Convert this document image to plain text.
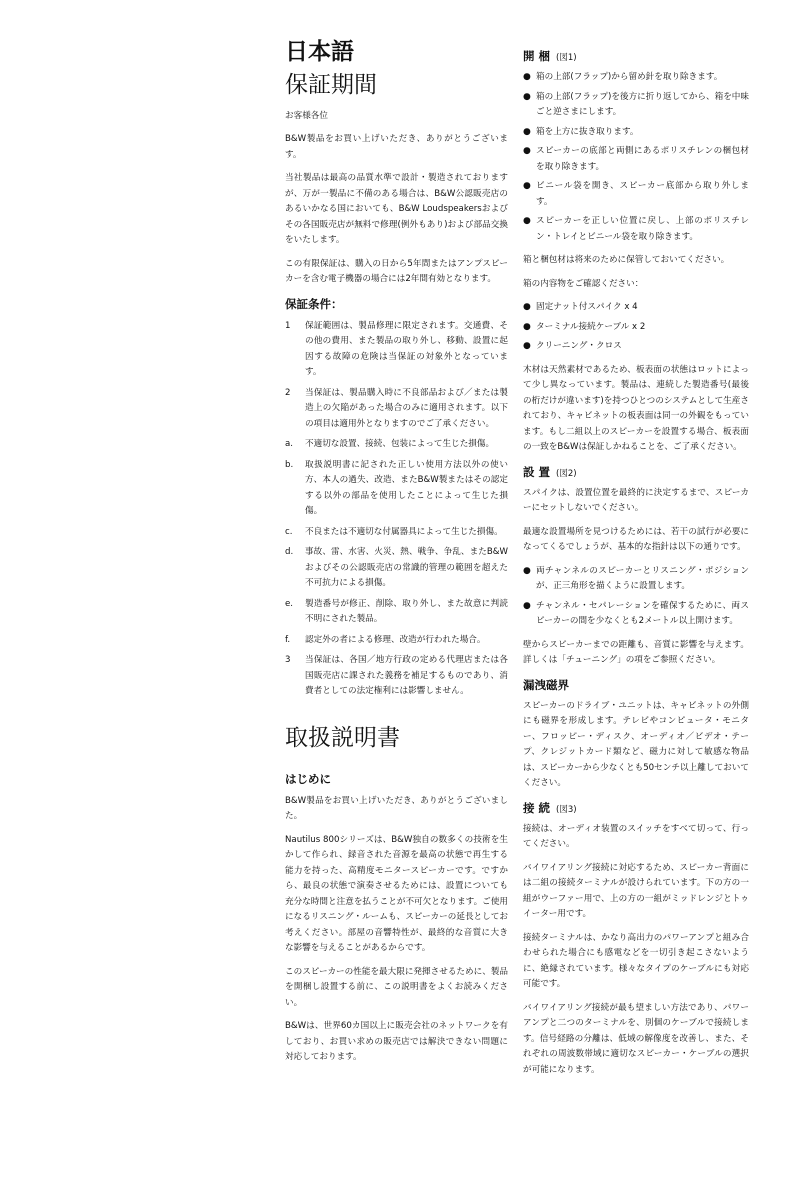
日本語
保証期間

お客様各位

B&W製品をお買い上げいただき、ありがとうございます。

当社製品は最高の品質水準で設計・製造されておりますが、万が一製品に不備のある場合は、B&W公認販売店のあるいかなる国においても、B&W Loudspeakersおよびその各国販売店が無料で修理(例外もあり)および部品交換をいたします。

この有限保証は、購入の日から5年間またはアンプスピーカーを含む電子機器の場合には2年間有効となります。

保証条件：
1	保証範囲は、製品修理に限定されます。交通費、その他の費用、また製品の取り外し、移動、設置に起因する故障の危険は当保証の対象外となっています。
2	当保証は、製品購入時に不良部品および／または製造上の欠陥があった場合のみに適用されます。以下の項目は適用外となりますのでご了承ください。
a.	不適切な設置、接続、包装によって生じた損傷。
b.	取扱説明書に記された正しい使用方法以外の使い方、本人の過失、改造、またB&W製またはその認定する以外の部品を使用したことによって生じた損傷。
c.	不良または不適切な付属器具によって生じた損傷。
d.	事故、雷、水害、火災、熱、戦争、争乱、またB&Wおよびその公認販売店の常識的管理の範囲を超えた不可抗力による損傷。
e.	製造番号が修正、削除、取り外し、また故意に判読不明にされた製品。
f.	認定外の者による修理、改造が行われた場合。
3	当保証は、各国／地方行政の定める代理店または各国販売店に課された義務を補足するものであり、消費者としての法定権利には影響しません。
取扱説明書
はじめに

B&W製品をお買い上げいただき、ありがとうございました。

Nautilus 800シリーズは、B&W独自の数多くの技術を生かして作られ、録音された音源を最高の状態で再生する能力を持った、高精度モニタースピーカーです。ですから、最良の状態で演奏させるためには、設置についても充分な時間と注意を払うことが不可欠となります。ご使用になるリスニング・ルームも、スピーカーの延長としてお考えください。部屋の音響特性が、最終的な音質に大きな影響を与えることがあるからです。

このスピーカーの性能を最大限に発揮させるために、製品を開梱し設置する前に、この説明書をよくお読みください。

B&Wは、世界60カ国以上に販売会社のネットワークを有しており、お買い求めの販売店では解決できない問題に対応しております。

開 梱 (図1)
● 箱の上部(フラップ)から留め針を取り除きます。
● 箱の上部(フラップ)を後方に折り返してから、箱を中味ごと逆さまにします。
● 箱を上方に抜き取ります。
● スピーカーの底部と両側にあるポリスチレンの梱包材を取り除きます。
● ビニール袋を開き、スピーカー底部から取り外します。
● スピーカーを正しい位置に戻し、上部のポリスチレン・トレイとビニール袋を取り除きます。

箱と梱包材は将来のために保管しておいてください。

箱の内容物をご確認ください：

● 固定ナット付スパイク x 4
● ターミナル接続ケーブル x 2
● クリーニング・クロス

木材は天然素材であるため、板表面の状態はロットによって少し異なっています。製品は、連続した製造番号(最後の桁だけが違います)を持つひとつのシステムとして生産されており、キャビネットの板表面は同一の外観をもっています。もし二組以上のスピーカーを設置する場合、板表面の一致をB&Wは保証しかねることを、ご了承ください。

設 置 (図2)

スパイクは、設置位置を最終的に決定するまで、スピーカーにセットしないでください。

最適な設置場所を見つけるためには、若干の試行が必要になってくるでしょうが、基本的な指針は以下の通りです。

● 両チャンネルのスピーカーとリスニング・ポジションが、正三角形を描くように設置します。
● チャンネル・セパレーションを確保するために、両スピーカーの間を少なくとも2メートル以上開けます。

壁からスピーカーまでの距離も、音質に影響を与えます。詳しくは「チューニング」の項をご参照ください。

漏洩磁界

スピーカーのドライブ・ユニットは、キャビネットの外側にも磁界を形成します。テレビやコンピュータ・モニター、フロッピー・ディスク、オーディオ／ビデオ・テープ、クレジットカード類など、磁力に対して敏感な物品は、スピーカーから少なくとも50センチ以上離しておいてください。

接 続 (図3)

接続は、オーディオ装置のスイッチをすべて切って、行ってください。

バイワイアリング接続に対応するため、スピーカー背面には二組の接続ターミナルが設けられています。下の方の一組がウーファー用で、上の方の一組がミッドレンジとトゥイーター用です。

接続ターミナルは、かなり高出力のパワーアンプと組み合わせられた場合にも感電などを一切引き起こさないように、絶縁されています。様々なタイプのケーブルにも対応可能です。

バイワイアリング接続が最も望ましい方法であり、パワーアンプと二つのターミナルを、別個のケーブルで接続します。信号経路の分離は、低域の解像度を改善し、また、それぞれの周波数帯域に適切なスピーカー・ケーブルの選択が可能になります。
